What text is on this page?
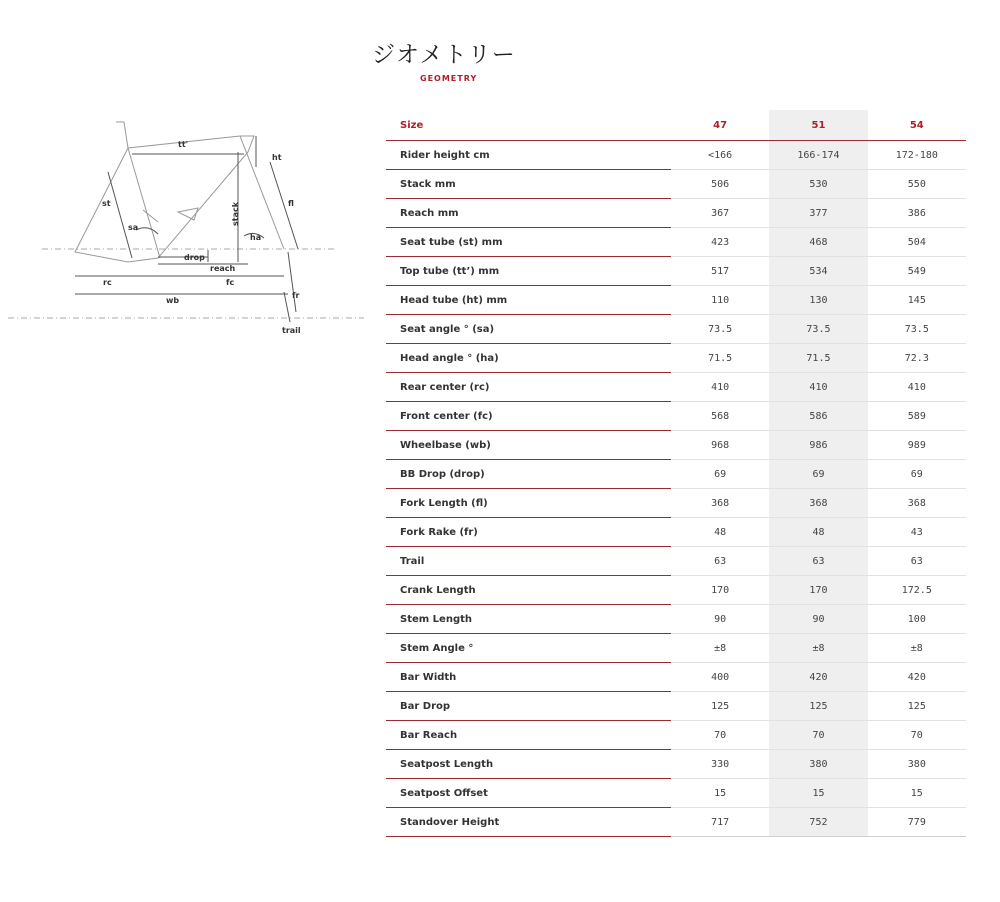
ジオメトリー
GEOMETRY
tt'
ht
st	fl
stack
sa
ha
drop
reach
rc	fc
wb
fr
trail
Size	47	51	54
Rider height cm	<166	166-174	172-180
Stack mm	506	530	550
Reach mm	367	377	386
Seat tube (st) mm	423	468	504
Top tube (tt’) mm	517	534	549
Head tube (ht) mm	110	130	145
Seat angle ° (sa)	73.5	73.5	73.5
Head angle ° (ha)	71.5	71.5	72.3
Rear center (rc)	410	410	410
Front center (fc)	568	586	589
Wheelbase (wb)	968	986	989
BB Drop (drop)	69	69	69
Fork Length (fl)	368	368	368
Fork Rake (fr)	48	48	43
Trail	63	63	63
Crank Length	170	170	172.5
Stem Length	90	90	100
Stem Angle °	±8	±8	±8
Bar Width	400	420	420
Bar Drop	125	125	125
Bar Reach	70	70	70
Seatpost Length	330	380	380
Seatpost Offset	15	15	15
Standover Height	717	752	779
